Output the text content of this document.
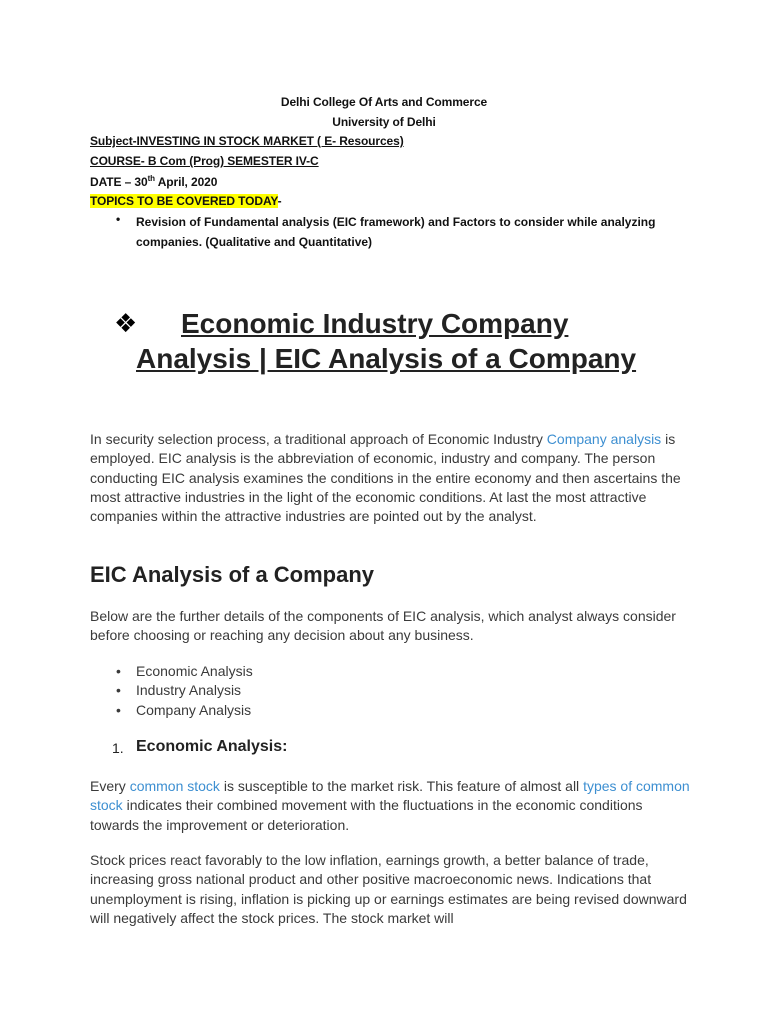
Delhi College Of Arts and Commerce
University of Delhi
Subject-INVESTING IN STOCK MARKET ( E- Resources)
COURSE- B Com (Prog) SEMESTER IV-C
DATE – 30th April, 2020
TOPICS TO BE COVERED TODAY-
• Revision of Fundamental analysis (EIC framework) and Factors to consider while analyzing companies. (Qualitative and Quantitative)
❖	Economic Industry Company
Analysis | EIC Analysis of a Company
In security selection process, a traditional approach of Economic Industry Company analysis is employed. EIC analysis is the abbreviation of economic, industry and company. The person conducting EIC analysis examines the conditions in the entire economy and then ascertains the most attractive industries in the light of the economic conditions. At last the most attractive companies within the attractive industries are pointed out by the analyst.
EIC Analysis of a Company
Below are the further details of the components of EIC analysis, which analyst always consider before choosing or reaching any decision about any business.
• Economic Analysis
• Industry Analysis
• Company Analysis
1. Economic Analysis:
Every common stock is susceptible to the market risk. This feature of almost all types of common stock indicates their combined movement with the fluctuations in the economic conditions towards the improvement or deterioration.
Stock prices react favorably to the low inflation, earnings growth, a better balance of trade, increasing gross national product and other positive macroeconomic news. Indications that unemployment is rising, inflation is picking up or earnings estimates are being revised downward will negatively affect the stock prices. The stock market will
